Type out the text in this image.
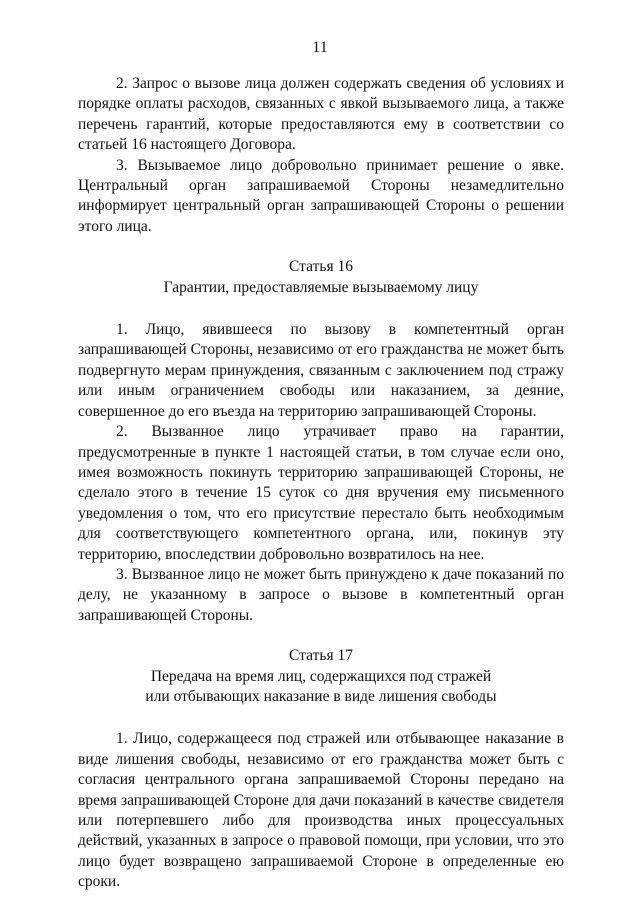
11

2. Запрос о вызове лица должен содержать сведения об условиях и порядке оплаты расходов, связанных с явкой вызываемого лица, а также перечень гарантий, которые предоставляются ему в соответствии со статьей 16 настоящего Договора.

3. Вызываемое лицо добровольно принимает решение о явке. Центральный орган запрашиваемой Стороны незамедлительно информирует центральный орган запрашивающей Стороны о решении этого лица.

Статья 16
Гарантии, предоставляемые вызываемому лицу

1. Лицо, явившееся по вызову в компетентный орган запрашивающей Стороны, независимо от его гражданства не может быть подвергнуто мерам принуждения, связанным с заключением под стражу или иным ограничением свободы или наказанием, за деяние, совершенное до его въезда на территорию запрашивающей Стороны.

2. Вызванное лицо утрачивает право на гарантии, предусмотренные в пункте 1 настоящей статьи, в том случае если оно, имея возможность покинуть территорию запрашивающей Стороны, не сделало этого в течение 15 суток со дня вручения ему письменного уведомления о том, что его присутствие перестало быть необходимым для соответствующего компетентного органа, или, покинув эту территорию, впоследствии добровольно возвратилось на нее.

3. Вызванное лицо не может быть принуждено к даче показаний по делу, не указанному в запросе о вызове в компетентный орган запрашивающей Стороны.

Статья 17
Передача на время лиц, содержащихся под стражей
или отбывающих наказание в виде лишения свободы

1. Лицо, содержащееся под стражей или отбывающее наказание в виде лишения свободы, независимо от его гражданства может быть с согласия центрального органа запрашиваемой Стороны передано на время запрашивающей Стороне для дачи показаний в качестве свидетеля или потерпевшего либо для производства иных процессуальных действий, указанных в запросе о правовой помощи, при условии, что это лицо будет возвращено запрашиваемой Стороне в определенные ею сроки.
